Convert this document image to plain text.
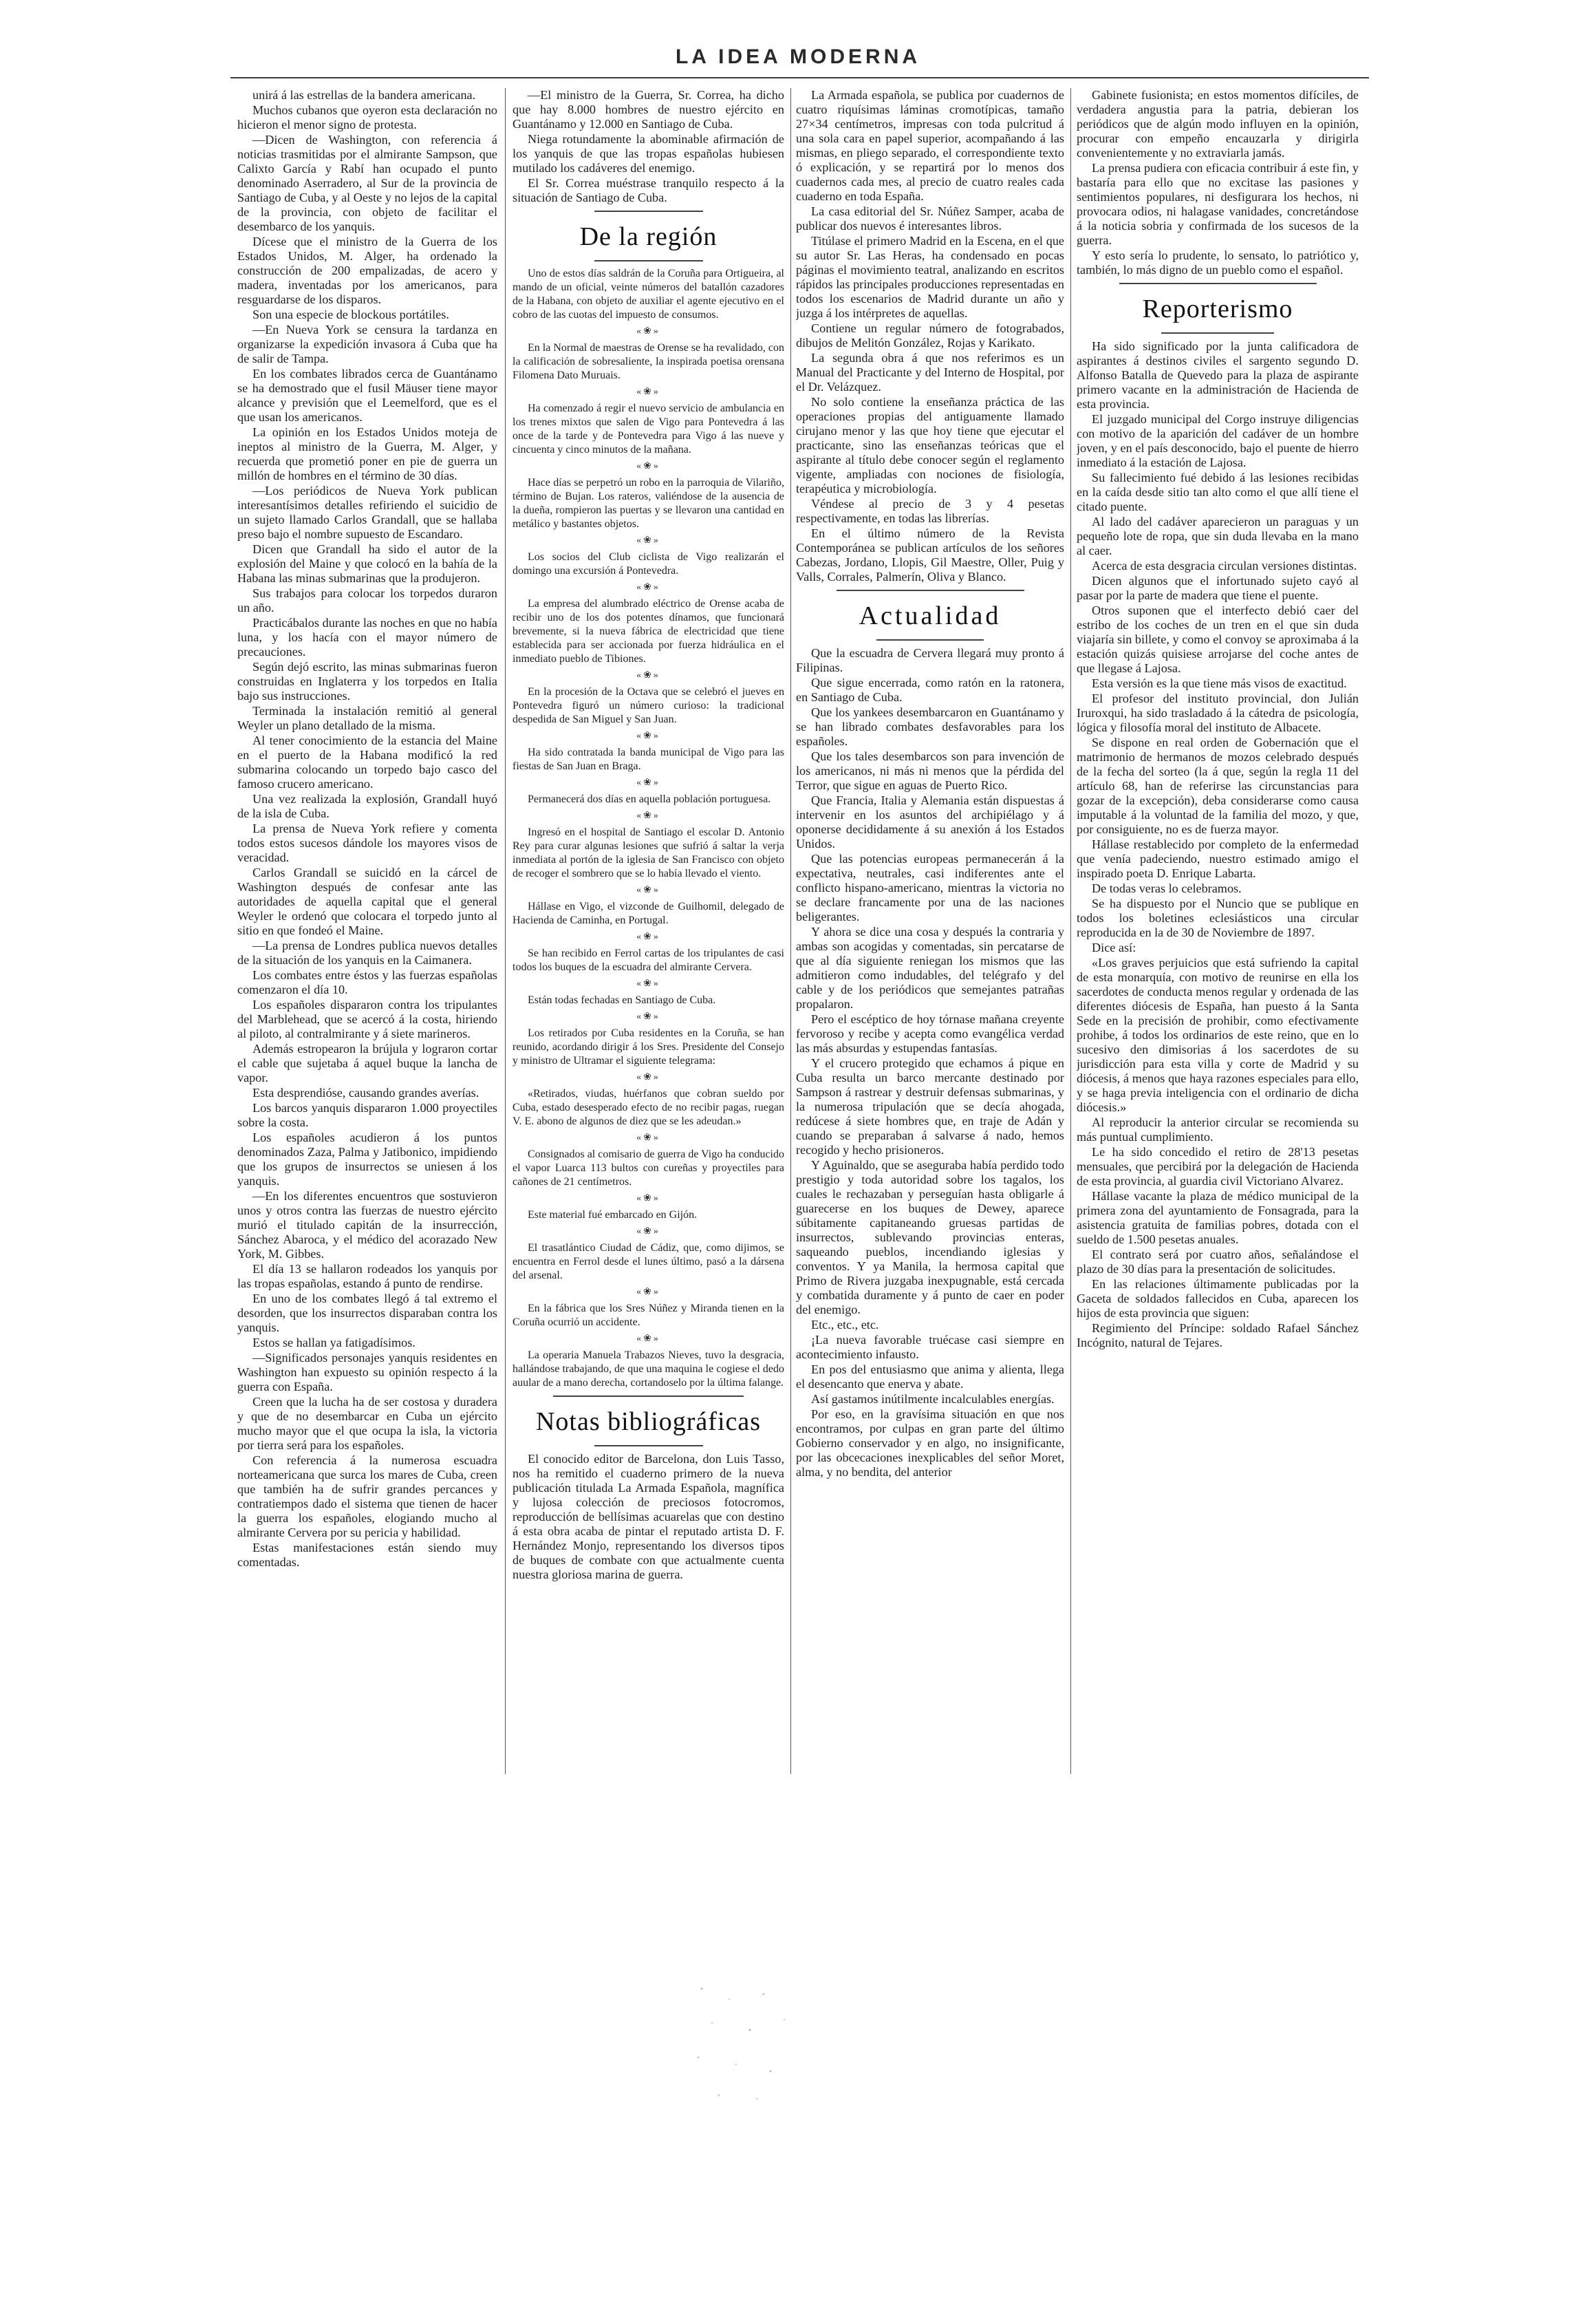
LA IDEA MODERNA

unirá á las estrellas de la bandera americana.

Muchos cubanos que oyeron esta declaración no hicieron el menor signo de protesta.

—Dicen de Washington, con referencia á noticias trasmitidas por el almirante Sampson, que Calixto García y Rabí han ocupado el punto denominado Aserradero, al Sur de la provincia de Santiago de Cuba, y al Oeste y no lejos de la capital de la provincia, con objeto de facilitar el desembarco de los yanquis.

Dícese que el ministro de la Guerra de los Estados Unidos, M. Alger, ha ordenado la construcción de 200 empalizadas, de acero y madera, inventadas por los americanos, para resguardarse de los disparos.

Son una especie de blockous portátiles.

—En Nueva York se censura la tardanza en organizarse la expedición invasora á Cuba que ha de salir de Tampa.

En los combates librados cerca de Guantánamo se ha demostrado que el fusil Mäuser tiene mayor alcance y previsión que el Leemelford, que es el que usan los americanos.

La opinión en los Estados Unidos moteja de ineptos al ministro de la Guerra, M. Alger, y recuerda que prometió poner en pie de guerra un millón de hombres en el término de 30 días.

—Los periódicos de Nueva York publican interesantísimos detalles refiriendo el suicidio de un sujeto llamado Carlos Grandall, que se hallaba preso bajo el nombre supuesto de Escandaro.

Dicen que Grandall ha sido el autor de la explosión del Maine y que colocó en la bahía de la Habana las minas submarinas que la produjeron.

Sus trabajos para colocar los torpedos duraron un año.

Practicábalos durante las noches en que no había luna, y los hacía con el mayor número de precauciones.

Según dejó escrito, las minas submarinas fueron construidas en Inglaterra y los torpedos en Italia bajo sus instrucciones.

Terminada la instalación remitió al general Weyler un plano detallado de la misma.

Al tener conocimiento de la estancia del Maine en el puerto de la Habana modificó la red submarina colocando un torpedo bajo casco del famoso crucero americano.

Una vez realizada la explosión, Grandall huyó de la isla de Cuba.

La prensa de Nueva York refiere y comenta todos estos sucesos dándole los mayores visos de veracidad.

Carlos Grandall se suicidó en la cárcel de Washington después de confesar ante las autoridades de aquella capital que el general Weyler le ordenó que colocara el torpedo junto al sitio en que fondeó el Maine.

—La prensa de Londres publica nuevos detalles de la situación de los yanquis en la Caimanera.

Los combates entre éstos y las fuerzas españolas comenzaron el día 10.

Los españoles dispararon contra los tripulantes del Marblehead, que se acercó á la costa, hiriendo al piloto, al contralmirante y á siete marineros.

Además estropearon la brújula y lograron cortar el cable que sujetaba á aquel buque la lancha de vapor.

Esta desprendióse, causando grandes averías.

Los barcos yanquis dispararon 1.000 proyectiles sobre la costa.

Los españoles acudieron á los puntos denominados Zaza, Palma y Jatibonico, impidiendo que los grupos de insurrectos se uniesen á los yanquis.

—En los diferentes encuentros que sostuvieron unos y otros contra las fuerzas de nuestro ejército murió el titulado capitán de la insurrección, Sánchez Abaroca, y el médico del acorazado New York, M. Gibbes.

El día 13 se hallaron rodeados los yanquis por las tropas españolas, estando á punto de rendirse.

En uno de los combates llegó á tal extremo el desorden, que los insurrectos disparaban contra los yanquis.

Estos se hallan ya fatigadísimos.

—Significados personajes yanquis residentes en Washington han expuesto su opinión respecto á la guerra con España.

Creen que la lucha ha de ser costosa y duradera y que de no desembarcar en Cuba un ejército mucho mayor que el que ocupa la isla, la victoria por tierra será para los españoles.

Con referencia á la numerosa escuadra norteamericana que surca los mares de Cuba, creen que también ha de sufrir grandes percances y contratiempos dado el sistema que tienen de hacer la guerra los españoles, elogiando mucho al almirante Cervera por su pericia y habilidad.

Estas manifestaciones están siendo muy comentadas.

—El ministro de la Guerra, Sr. Correa, ha dicho que hay 8.000 hombres de nuestro ejército en Guantánamo y 12.000 en Santiago de Cuba.

Niega rotundamente la abominable afirmación de los yanquis de que las tropas españolas hubiesen mutilado los cadáveres del enemigo.

El Sr. Correa muéstrase tranquilo respecto á la situación de Santiago de Cuba.

De la región

Uno de estos días saldrán de la Coruña para Ortigueira, al mando de un oficial, veinte números del batallón cazadores de la Habana, con objeto de auxiliar el agente ejecutivo en el cobro de las cuotas del impuesto de consumos.

«❀»

En la Normal de maestras de Orense se ha revalidado, con la calificación de sobresaliente, la inspirada poetisa orensana Filomena Dato Muruais.

«❀»

Ha comenzado á regir el nuevo servicio de ambulancia en los trenes mixtos que salen de Vigo para Pontevedra á las once de la tarde y de Pontevedra para Vigo á las nueve y cincuenta y cinco minutos de la mañana.

«❀»

Hace días se perpetró un robo en la parroquia de Vilariño, término de Bujan. Los rateros, valiéndose de la ausencia de la dueña, rompieron las puertas y se llevaron una cantidad en metálico y bastantes objetos.

«❀»

Los socios del Club ciclista de Vigo realizarán el domingo una excursión á Pontevedra.

«❀»

La empresa del alumbrado eléctrico de Orense acaba de recibir uno de los dos potentes dínamos, que funcionará brevemente, si la nueva fábrica de electricidad que tiene establecida para ser accionada por fuerza hidráulica en el inmediato pueblo de Tibiones.

«❀»

En la procesión de la Octava que se celebró el jueves en Pontevedra figuró un número curioso: la tradicional despedida de San Miguel y San Juan.

«❀»

Ha sido contratada la banda municipal de Vigo para las fiestas de San Juan en Braga.

«❀»

Permanecerá dos días en aquella población portuguesa.

«❀»

Ingresó en el hospital de Santiago el escolar D. Antonio Rey para curar algunas lesiones que sufrió á saltar la verja inmediata al portón de la iglesia de San Francisco con objeto de recoger el sombrero que se lo había llevado el viento.

«❀»

Hállase en Vigo, el vizconde de Guilhomil, delegado de Hacienda de Caminha, en Portugal.

«❀»

Se han recibido en Ferrol cartas de los tripulantes de casi todos los buques de la escuadra del almirante Cervera.

«❀»

Están todas fechadas en Santiago de Cuba.

«❀»

Los retirados por Cuba residentes en la Coruña, se han reunido, acordando dirigir á los Sres. Presidente del Consejo y ministro de Ultramar el siguiente telegrama:

«❀»

«Retirados, viudas, huérfanos que cobran sueldo por Cuba, estado desesperado efecto de no recibir pagas, ruegan V. E. abono de algunos de diez que se les adeudan.»

«❀»

Consignados al comisario de guerra de Vigo ha conducido el vapor Luarca 113 bultos con cureñas y proyectiles para cañones de 21 centímetros.

«❀»

Este material fué embarcado en Gijón.

«❀»

El trasatlántico Ciudad de Cádiz, que, como dijimos, se encuentra en Ferrol desde el lunes último, pasó a la dársena del arsenal.

«❀»

En la fábrica que los Sres Núñez y Miranda tienen en la Coruña ocurrió un accidente.

«❀»

La operaria Manuela Trabazos Nieves, tuvo la desgracia, hallándose trabajando, de que una maquina le cogiese el dedo auular de a mano derecha, cortandoselo por la última falange.

Notas bibliográficas

El conocido editor de Barcelona, don Luis Tasso, nos ha remitido el cuaderno primero de la nueva publicación titulada La Armada Española, magnífica y lujosa colección de preciosos fotocromos, reproducción de bellísimas acuarelas que con destino á esta obra acaba de pintar el reputado artista D. F. Hernández Monjo, representando los diversos tipos de buques de combate con que actualmente cuenta nuestra gloriosa marina de guerra.

La Armada española, se publica por cuadernos de cuatro riquísimas láminas cromotípicas, tamaño 27×34 centímetros, impresas con toda pulcritud á una sola cara en papel superior, acompañando á las mismas, en pliego separado, el correspondiente texto ó explicación, y se repartirá por lo menos dos cuadernos cada mes, al precio de cuatro reales cada cuaderno en toda España.

La casa editorial del Sr. Núñez Samper, acaba de publicar dos nuevos é interesantes libros.

Titúlase el primero Madrid en la Escena, en el que su autor Sr. Las Heras, ha condensado en pocas páginas el movimiento teatral, analizando en escritos rápidos las principales producciones representadas en todos los escenarios de Madrid durante un año y juzga á los intérpretes de aquellas.

Contiene un regular número de fotograbados, dibujos de Melitón González, Rojas y Karikato.

La segunda obra á que nos referimos es un Manual del Practicante y del Interno de Hospital, por el Dr. Velázquez.

No solo contiene la enseñanza práctica de las operaciones propias del antiguamente llamado cirujano menor y las que hoy tiene que ejecutar el practicante, sino las enseñanzas teóricas que el aspirante al título debe conocer según el reglamento vigente, ampliadas con nociones de fisiología, terapéutica y microbiología.

Véndese al precio de 3 y 4 pesetas respectivamente, en todas las librerías.

En el último número de la Revista Contemporánea se publican artículos de los señores Cabezas, Jordano, Llopis, Gil Maestre, Oller, Puig y Valls, Corrales, Palmerín, Oliva y Blanco.

Actualidad

Que la escuadra de Cervera llegará muy pronto á Filipinas.

Que sigue encerrada, como ratón en la ratonera, en Santiago de Cuba.

Que los yankees desembarcaron en Guantánamo y se han librado combates desfavorables para los españoles.

Que los tales desembarcos son para invención de los americanos, ni más ni menos que la pérdida del Terror, que sigue en aguas de Puerto Rico.

Que Francia, Italia y Alemania están dispuestas á intervenir en los asuntos del archipiélago y á oponerse decididamente á su anexión á los Estados Unidos.

Que las potencias europeas permanecerán á la expectativa, neutrales, casi indiferentes ante el conflicto hispano-americano, mientras la victoria no se declare francamente por una de las naciones beligerantes.

Y ahora se dice una cosa y después la contraria y ambas son acogidas y comentadas, sin percatarse de que al día siguiente reniegan los mismos que las admitieron como indudables, del telégrafo y del cable y de los periódicos que semejantes patrañas propalaron.

Pero el escéptico de hoy tórnase mañana creyente fervoroso y recibe y acepta como evangélica verdad las más absurdas y estupendas fantasías.

Y el crucero protegido que echamos á pique en Cuba resulta un barco mercante destinado por Sampson á rastrear y destruir defensas submarinas, y la numerosa tripulación que se decía ahogada, redúcese á siete hombres que, en traje de Adán y cuando se preparaban á salvarse á nado, hemos recogido y hecho prisioneros.

Y Aguinaldo, que se aseguraba había perdido todo prestigio y toda autoridad sobre los tagalos, los cuales le rechazaban y perseguían hasta obligarle á guarecerse en los buques de Dewey, aparece súbitamente capitaneando gruesas partidas de insurrectos, sublevando provincias enteras, saqueando pueblos, incendiando iglesias y conventos. Y ya Manila, la hermosa capital que Primo de Rivera juzgaba inexpugnable, está cercada y combatida duramente y á punto de caer en poder del enemigo.

Etc., etc., etc.

¡La nueva favorable truécase casi siempre en acontecimiento infausto.

En pos del entusiasmo que anima y alienta, llega el desencanto que enerva y abate.

Así gastamos inútilmente incalculables energías.

Por eso, en la gravísima situación en que nos encontramos, por culpas en gran parte del último Gobierno conservador y en algo, no insignificante, por las obcecaciones inexplicables del señor Moret, alma, y no bendita, del anterior

Gabinete fusionista; en estos momentos difíciles, de verdadera angustia para la patria, debieran los periódicos que de algún modo influyen en la opinión, procurar con empeño encauzarla y dirigirla convenientemente y no extraviarla jamás.

La prensa pudiera con eficacia contribuir á este fin, y bastaría para ello que no excitase las pasiones y sentimientos populares, ni desfigurara los hechos, ni provocara odios, ni halagase vanidades, concretándose á la noticia sobria y confirmada de los sucesos de la guerra.

Y esto sería lo prudente, lo sensato, lo patriótico y, también, lo más digno de un pueblo como el español.

Reporterismo

Ha sido significado por la junta calificadora de aspirantes á destinos civiles el sargento segundo D. Alfonso Batalla de Quevedo para la plaza de aspirante primero vacante en la administración de Hacienda de esta provincia.

El juzgado municipal del Corgo instruye diligencias con motivo de la aparición del cadáver de un hombre joven, y en el país desconocido, bajo el puente de hierro inmediato á la estación de Lajosa.

Su fallecimiento fué debido á las lesiones recibidas en la caída desde sitio tan alto como el que allí tiene el citado puente.

Al lado del cadáver aparecieron un paraguas y un pequeño lote de ropa, que sin duda llevaba en la mano al caer.

Acerca de esta desgracia circulan versiones distintas.

Dicen algunos que el infortunado sujeto cayó al pasar por la parte de madera que tiene el puente.

Otros suponen que el interfecto debió caer del estribo de los coches de un tren en el que sin duda viajaría sin billete, y como el convoy se aproximaba á la estación quizás quisiese arrojarse del coche antes de que llegase á Lajosa.

Esta versión es la que tiene más visos de exactitud.

El profesor del instituto provincial, don Julián Iruroxqui, ha sido trasladado á la cátedra de psicología, lógica y filosofía moral del instituto de Albacete.

Se dispone en real orden de Gobernación que el matrimonio de hermanos de mozos celebrado después de la fecha del sorteo (la á que, según la regla 11 del artículo 68, han de referirse las circunstancias para gozar de la excepción), deba considerarse como causa imputable á la voluntad de la familia del mozo, y que, por consiguiente, no es de fuerza mayor.

Hállase restablecido por completo de la enfermedad que venía padeciendo, nuestro estimado amigo el inspirado poeta D. Enrique Labarta.

De todas veras lo celebramos.

Se ha dispuesto por el Nuncio que se publique en todos los boletines eclesiásticos una circular reproducida en la de 30 de Noviembre de 1897.

Dice así:

«Los graves perjuicios que está sufriendo la capital de esta monarquía, con motivo de reunirse en ella los sacerdotes de conducta menos regular y ordenada de las diferentes diócesis de España, han puesto á la Santa Sede en la precisión de prohibir, como efectivamente prohibe, á todos los ordinarios de este reino, que en lo sucesivo den dimisorias á los sacerdotes de su jurisdicción para esta villa y corte de Madrid y su diócesis, á menos que haya razones especiales para ello, y se haga previa inteligencia con el ordinario de dicha diócesis.»

Al reproducir la anterior circular se recomienda su más puntual cumplimiento.

Le ha sido concedido el retiro de 28'13 pesetas mensuales, que percibirá por la delegación de Hacienda de esta provincia, al guardia civil Victoriano Alvarez.

Hállase vacante la plaza de médico municipal de la primera zona del ayuntamiento de Fonsagrada, para la asistencia gratuita de familias pobres, dotada con el sueldo de 1.500 pesetas anuales.

El contrato será por cuatro años, señalándose el plazo de 30 días para la presentación de solicitudes.

En las relaciones últimamente publicadas por la Gaceta de soldados fallecidos en Cuba, aparecen los hijos de esta provincia que siguen:

Regimiento del Príncipe: soldado Rafael Sánchez Incógnito, natural de Tejares.
